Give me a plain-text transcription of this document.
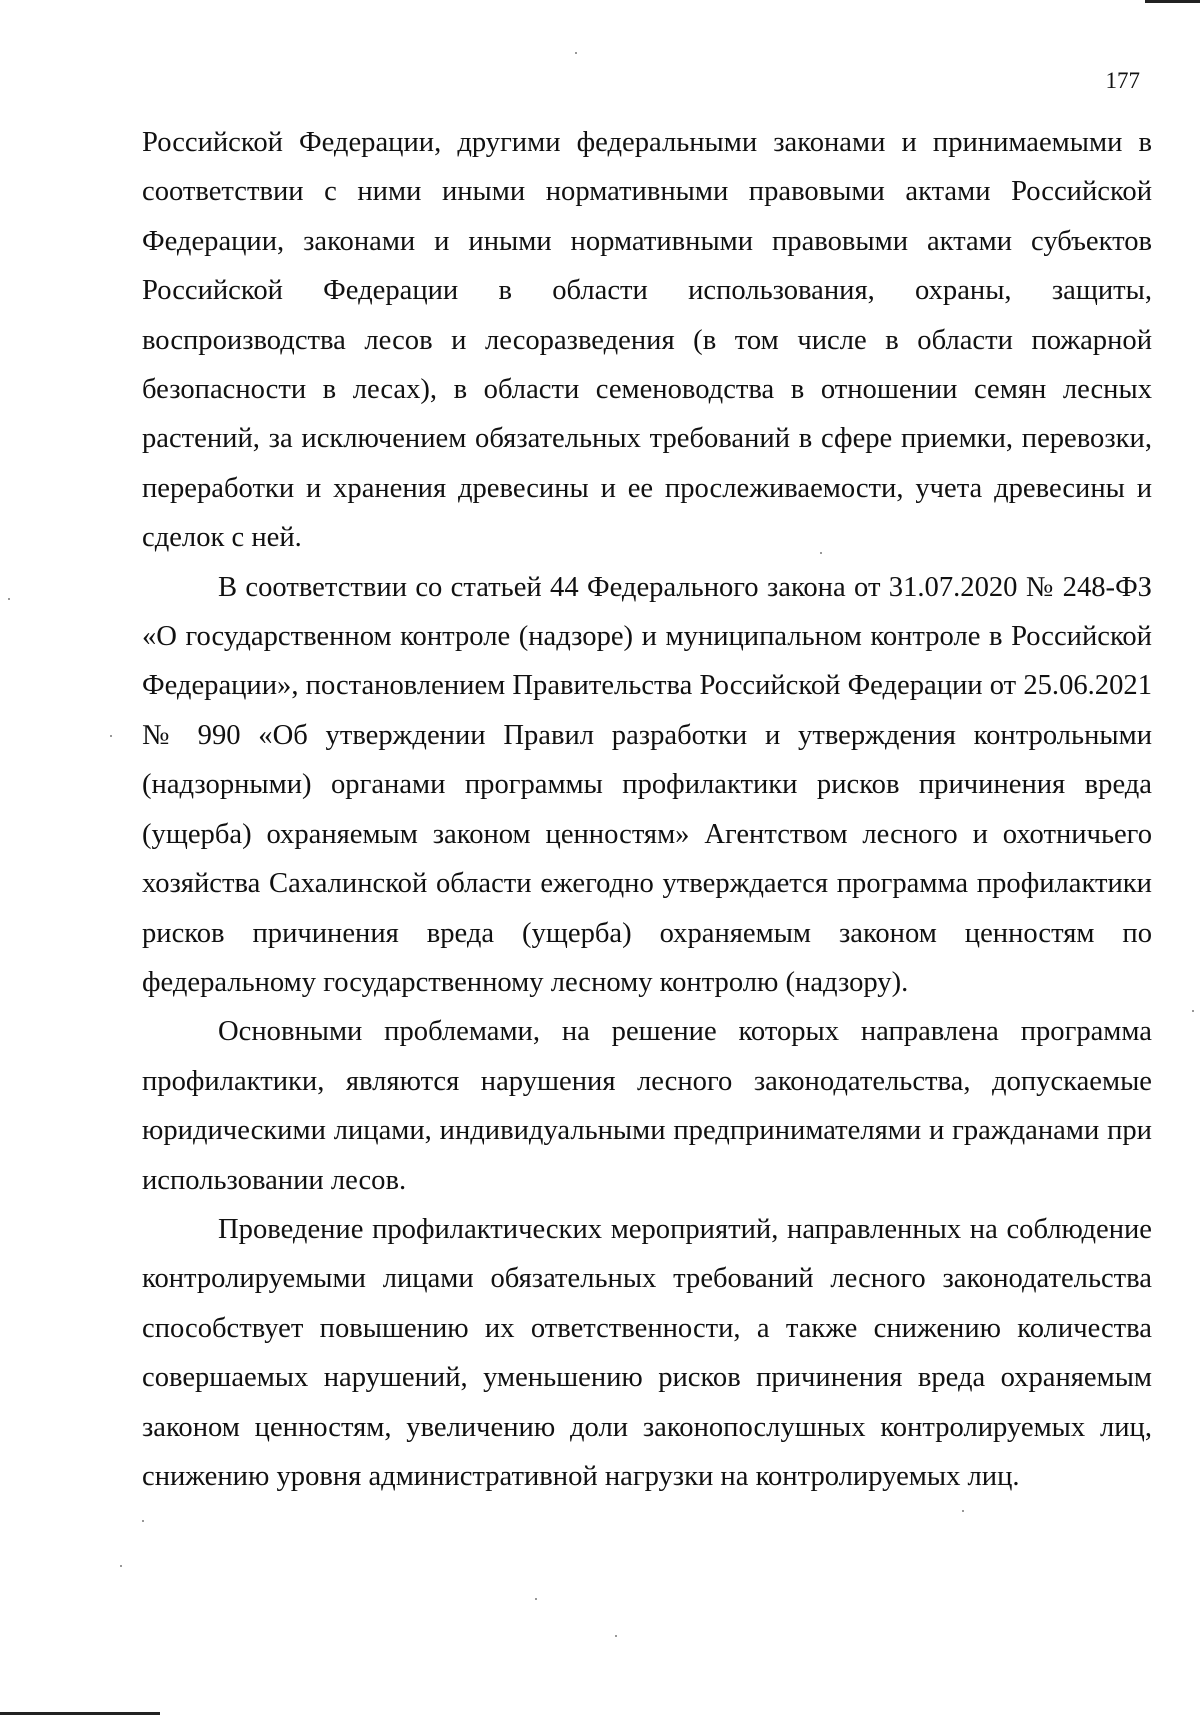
177

Российской Федерации, другими федеральными законами и принимаемыми в соответствии с ними иными нормативными правовыми актами Российской Федерации, законами и иными нормативными правовыми актами субъектов Российской Федерации в области использования, охраны, защиты, воспроизводства лесов и лесоразведения (в том числе в области пожарной безопасности в лесах), в области семеноводства в отношении семян лесных растений, за исключением обязательных требований в сфере приемки, перевозки, переработки и хранения древесины и ее прослеживаемости, учета древесины и сделок с ней.

В соответствии со статьей 44 Федерального закона от 31.07.2020 № 248-ФЗ «О государственном контроле (надзоре) и муниципальном контроле в Российской Федерации», постановлением Правительства Российской Федерации от 25.06.2021 № 990 «Об утверждении Правил разработки и утверждения контрольными (надзорными) органами программы профилактики рисков причинения вреда (ущерба) охраняемым законом ценностям» Агентством лесного и охотничьего хозяйства Сахалинской области ежегодно утверждается программа профилактики рисков причинения вреда (ущерба) охраняемым законом ценностям по федеральному государственному лесному контролю (надзору).

Основными проблемами, на решение которых направлена программа профилактики, являются нарушения лесного законодательства, допускаемые юридическими лицами, индивидуальными предпринимателями и гражданами при использовании лесов.

Проведение профилактических мероприятий, направленных на соблюдение контролируемыми лицами обязательных требований лесного законодательства способствует повышению их ответственности, а также снижению количества совершаемых нарушений, уменьшению рисков причинения вреда охраняемым законом ценностям, увеличению доли законопослушных контролируемых лиц, снижению уровня административной нагрузки на контролируемых лиц.
